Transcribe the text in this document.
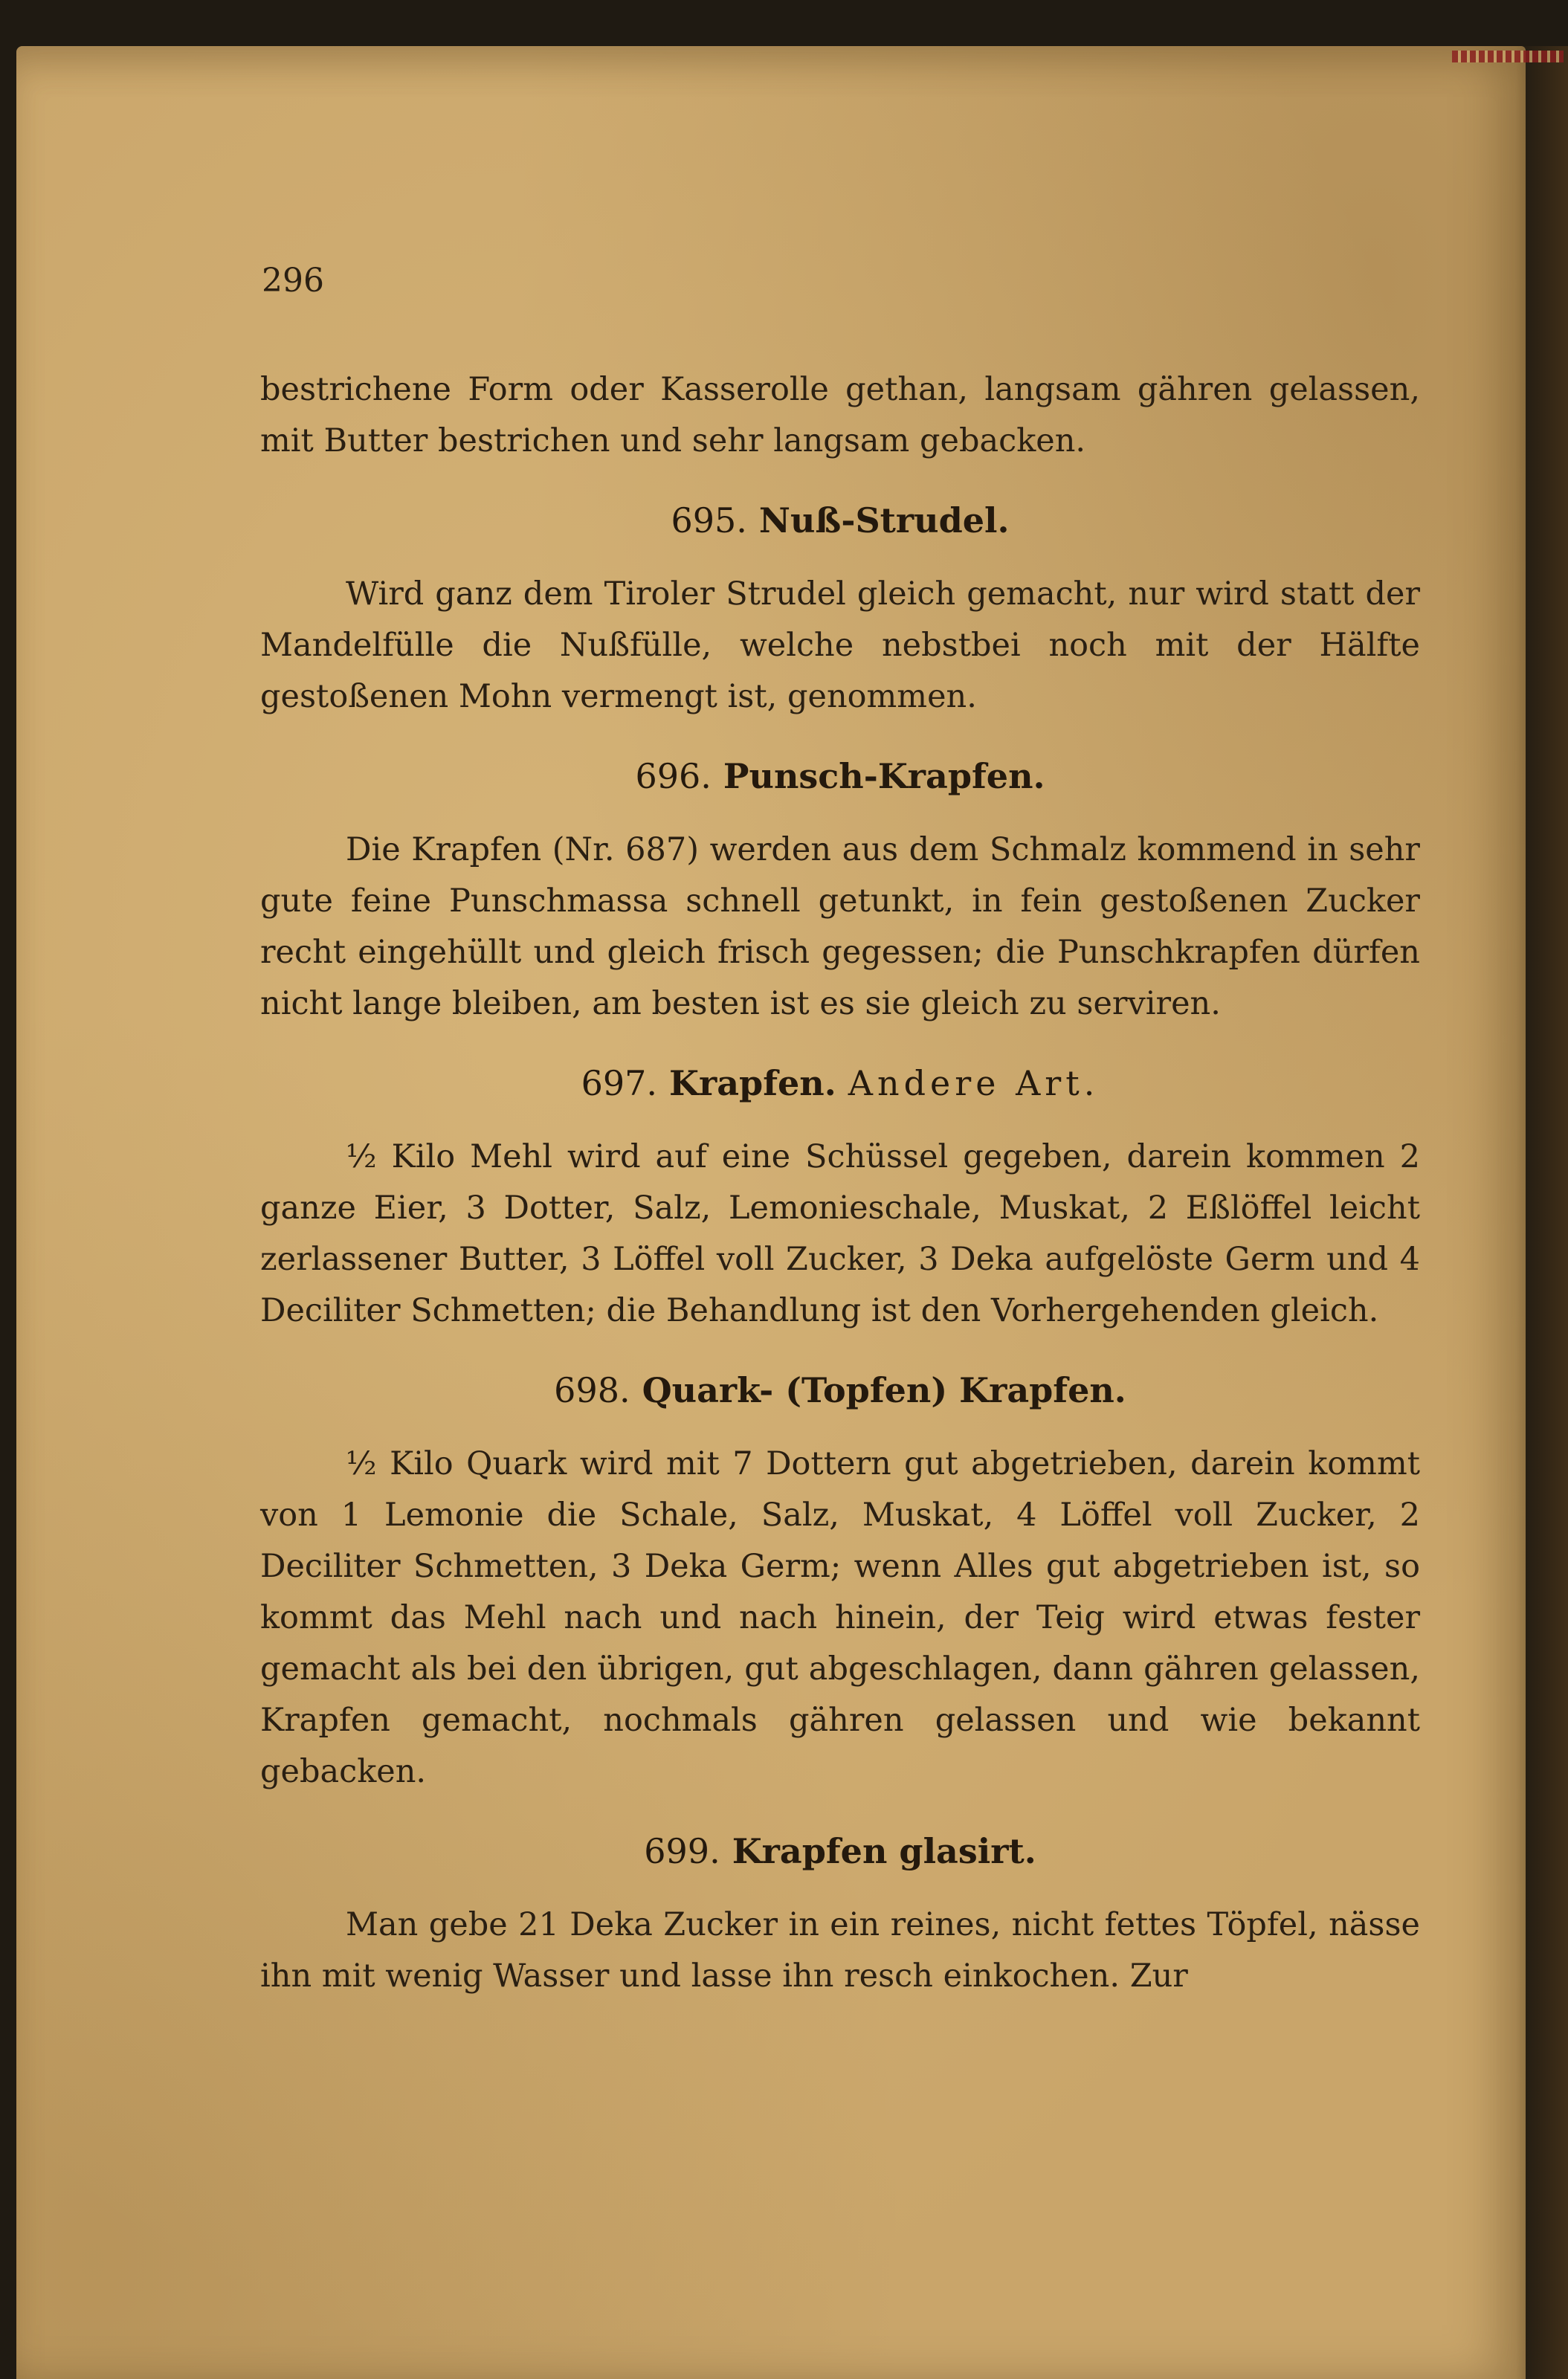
296

bestrichene Form oder Kasserolle gethan, langsam gähren gelassen, mit Butter bestrichen und sehr langsam gebacken.

695. Nuß-Strudel.

Wird ganz dem Tiroler Strudel gleich gemacht, nur wird statt der Mandelfülle die Nußfülle, welche nebstbei noch mit der Hälfte gestoßenen Mohn vermengt ist, genommen.

696. Punsch-Krapfen.

Die Krapfen (Nr. 687) werden aus dem Schmalz kommend in sehr gute feine Punschmassa schnell getunkt, in fein gestoßenen Zucker recht eingehüllt und gleich frisch gegessen; die Punschkrapfen dürfen nicht lange bleiben, am besten ist es sie gleich zu serviren.

697. Krapfen. Andere Art.

½ Kilo Mehl wird auf eine Schüssel gegeben, darein kommen 2 ganze Eier, 3 Dotter, Salz, Lemonieschale, Muskat, 2 Eßlöffel leicht zerlassener Butter, 3 Löffel voll Zucker, 3 Deka aufgelöste Germ und 4 Deciliter Schmetten; die Behandlung ist den Vorhergehenden gleich.

698. Quark- (Topfen) Krapfen.

½ Kilo Quark wird mit 7 Dottern gut abgetrieben, darein kommt von 1 Lemonie die Schale, Salz, Muskat, 4 Löffel voll Zucker, 2 Deciliter Schmetten, 3 Deka Germ; wenn Alles gut abgetrieben ist, so kommt das Mehl nach und nach hinein, der Teig wird etwas fester gemacht als bei den übrigen, gut abgeschlagen, dann gähren gelassen, Krapfen gemacht, nochmals gähren gelassen und wie bekannt gebacken.

699. Krapfen glasirt.

Man gebe 21 Deka Zucker in ein reines, nicht fettes Töpfel, nässe ihn mit wenig Wasser und lasse ihn resch einkochen. Zur
